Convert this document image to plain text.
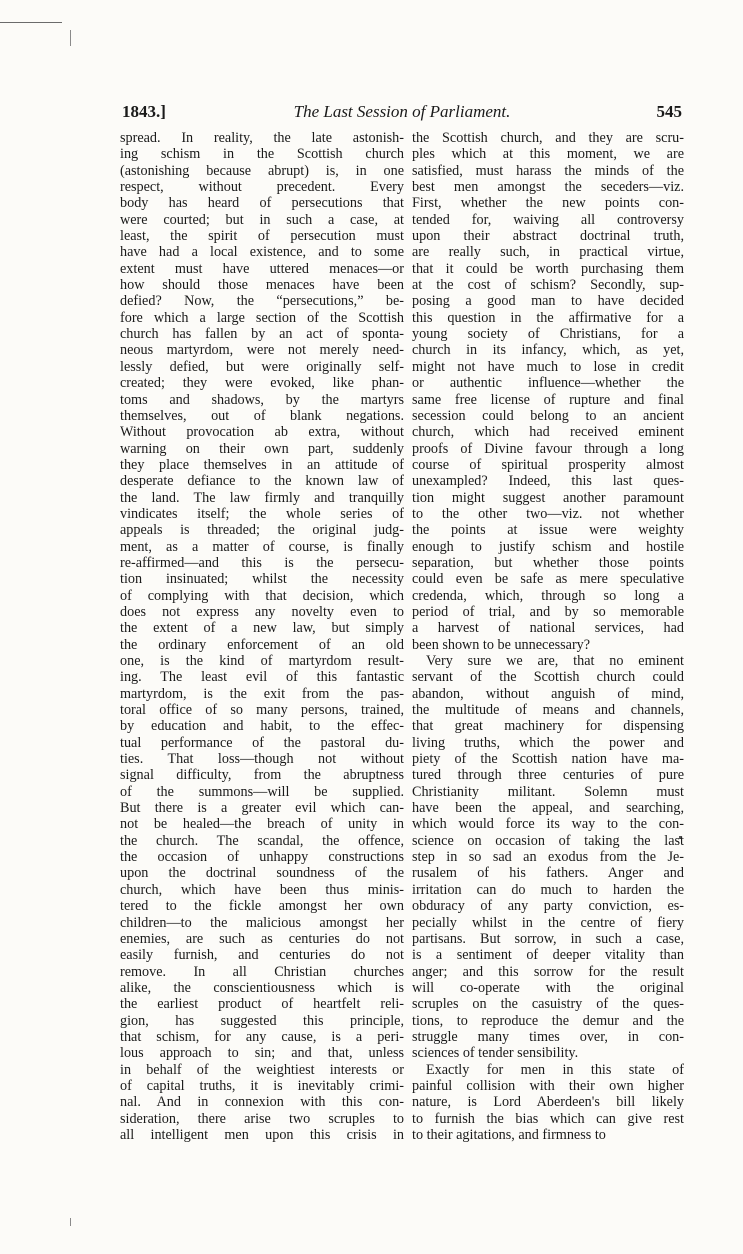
1843.]	The Last Session of Parliament.	545
spread. In reality, the late astonish-
ing schism in the Scottish church
(astonishing because abrupt) is, in one
respect, without precedent. Every
body has heard of persecutions that
were courted; but in such a case, at
least, the spirit of persecution must
have had a local existence, and to some
extent must have uttered menaces—or
how should those menaces have been
defied? Now, the “persecutions,” be-
fore which a large section of the Scottish
church has fallen by an act of sponta-
neous martyrdom, were not merely need-
lessly defied, but were originally self-
created; they were evoked, like phan-
toms and shadows, by the martyrs
themselves, out of blank negations.
Without provocation ab extra, without
warning on their own part, suddenly
they place themselves in an attitude of
desperate defiance to the known law of
the land. The law firmly and tranquilly
vindicates itself; the whole series of
appeals is threaded; the original judg-
ment, as a matter of course, is finally
re-affirmed—and this is the persecu-
tion insinuated; whilst the necessity
of complying with that decision, which
does not express any novelty even to
the extent of a new law, but simply
the ordinary enforcement of an old
one, is the kind of martyrdom result-
ing. The least evil of this fantastic
martyrdom, is the exit from the pas-
toral office of so many persons, trained,
by education and habit, to the effec-
tual performance of the pastoral du-
ties. That loss—though not without
signal difficulty, from the abruptness
of the summons—will be supplied.
But there is a greater evil which can-
not be healed—the breach of unity in
the church. The scandal, the offence,
the occasion of unhappy constructions
upon the doctrinal soundness of the
church, which have been thus minis-
tered to the fickle amongst her own
children—to the malicious amongst her
enemies, are such as centuries do not
easily furnish, and centuries do not
remove. In all Christian churches
alike, the conscientiousness which is
the earliest product of heartfelt reli-
gion, has suggested this principle,
that schism, for any cause, is a peri-
lous approach to sin; and that, unless
in behalf of the weightiest interests or
of capital truths, it is inevitably crimi-
nal. And in connexion with this con-
sideration, there arise two scruples to
all intelligent men upon this crisis in
the Scottish church, and they are scru-
ples which at this moment, we are
satisfied, must harass the minds of the
best men amongst the seceders—viz.
First, whether the new points con-
tended for, waiving all controversy
upon their abstract doctrinal truth,
are really such, in practical virtue,
that it could be worth purchasing them
at the cost of schism? Secondly, sup-
posing a good man to have decided
this question in the affirmative for a
young society of Christians, for a
church in its infancy, which, as yet,
might not have much to lose in credit
or authentic influence—whether the
same free license of rupture and final
secession could belong to an ancient
church, which had received eminent
proofs of Divine favour through a long
course of spiritual prosperity almost
unexampled? Indeed, this last ques-
tion might suggest another paramount
to the other two—viz. not whether
the points at issue were weighty
enough to justify schism and hostile
separation, but whether those points
could even be safe as mere speculative
credenda, which, through so long a
period of trial, and by so memorable
a harvest of national services, had
been shown to be unnecessary?
Very sure we are, that no eminent
servant of the Scottish church could
abandon, without anguish of mind,
the multitude of means and channels,
that great machinery for dispensing
living truths, which the power and
piety of the Scottish nation have ma-
tured through three centuries of pure
Christianity militant. Solemn must
have been the appeal, and searching,
which would force its way to the con-
science on occasion of taking the last
step in so sad an exodus from the Je-
rusalem of his fathers. Anger and
irritation can do much to harden the
obduracy of any party conviction, es-
pecially whilst in the centre of fiery
partisans. But sorrow, in such a case,
is a sentiment of deeper vitality than
anger; and this sorrow for the result
will co-operate with the original
scruples on the casuistry of the ques-
tions, to reproduce the demur and the
struggle many times over, in con-
sciences of tender sensibility.
Exactly for men in this state of
painful collision with their own higher
nature, is Lord Aberdeen's bill likely
to furnish the bias which can give rest
to their agitations, and firmness to
